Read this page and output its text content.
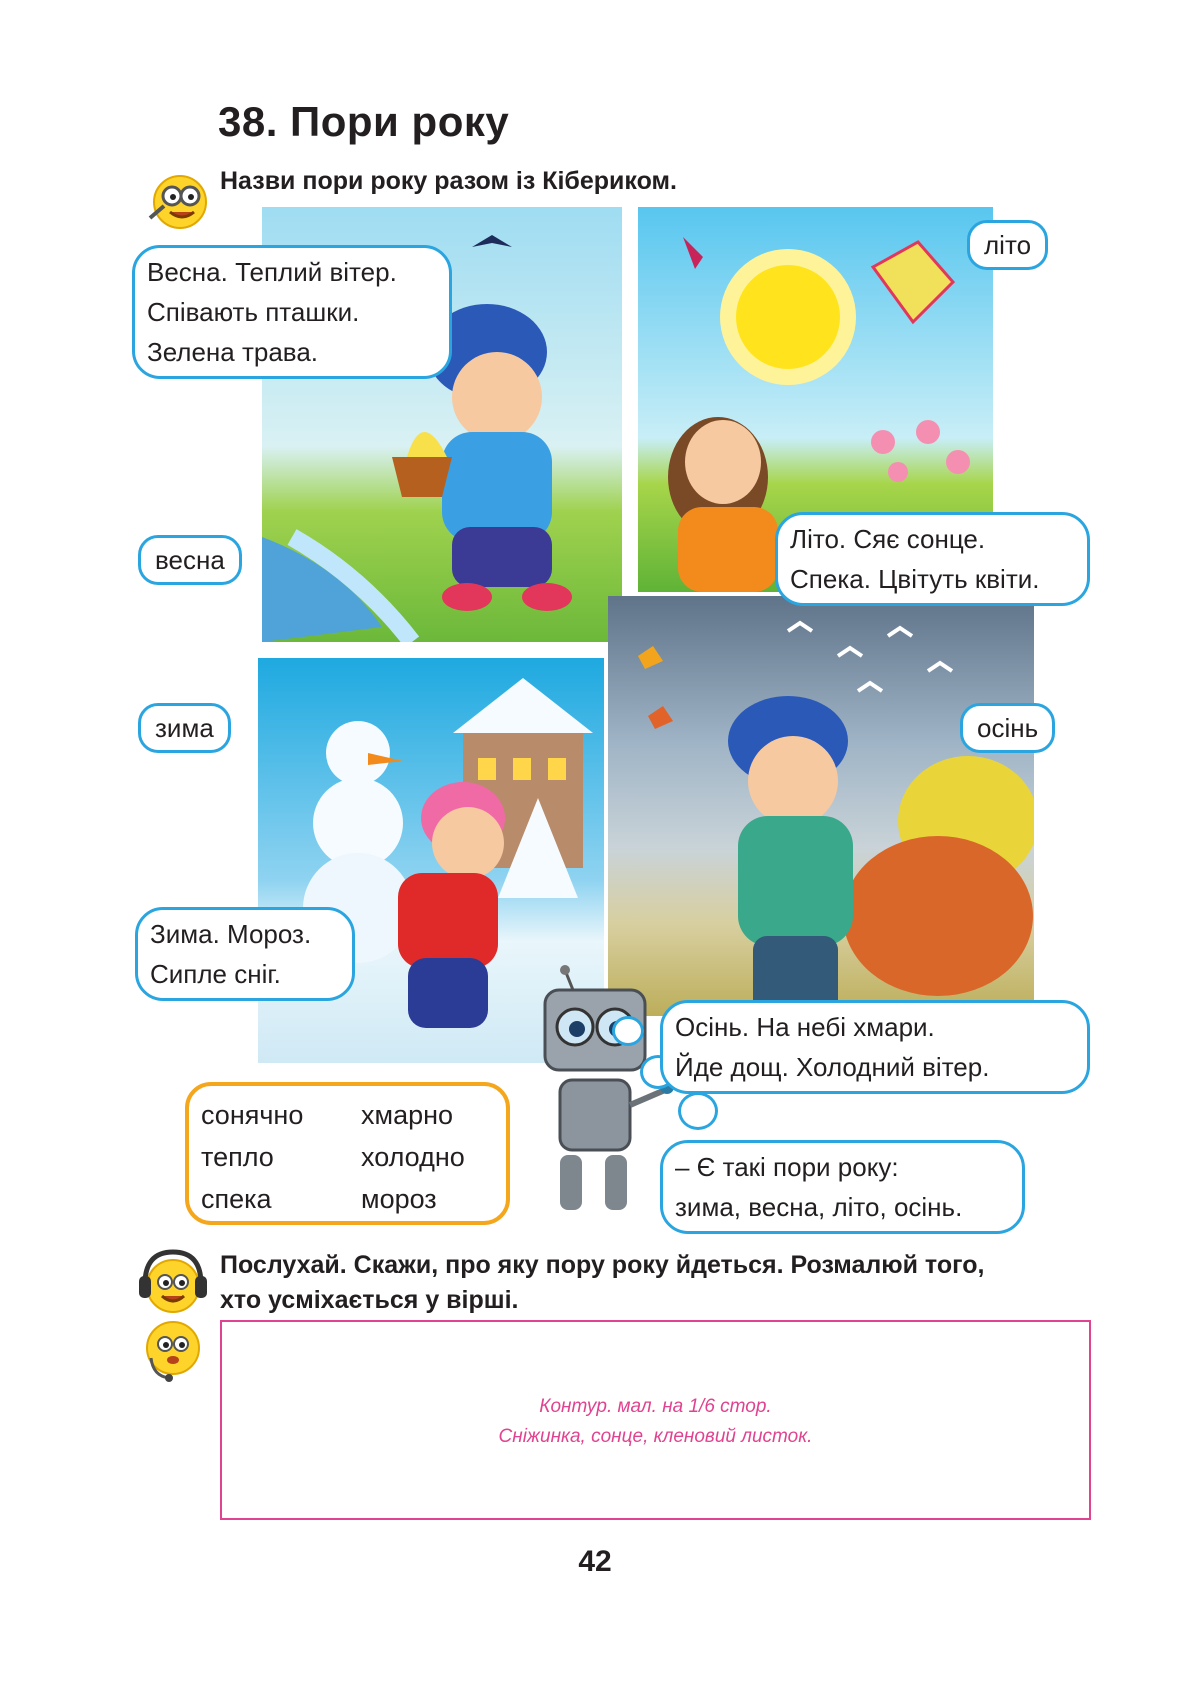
38. Пори року
Назви пори року разом із Кібериком.
Весна. Теплий вітер.
Співають пташки.
Зелена трава.
весна
літо
Літо. Сяє сонце.
Спека. Цвітуть квіти.
зима	осінь
Зима. Мороз.
Сипле сніг.
Осінь. На небі хмари.
Йде дощ. Холодний вітер.
– Є такі пори року:
зима, весна, літо, осінь.
сонячно
тепло
спека
хмарно
холодно
мороз
Послухай. Скажи, про яку пору року йдеться. Розмалюй того,
хто усміхається у вірші.
Контур. мал. на 1/6 стор.
Сніжинка, сонце, кленовий листок.
42
